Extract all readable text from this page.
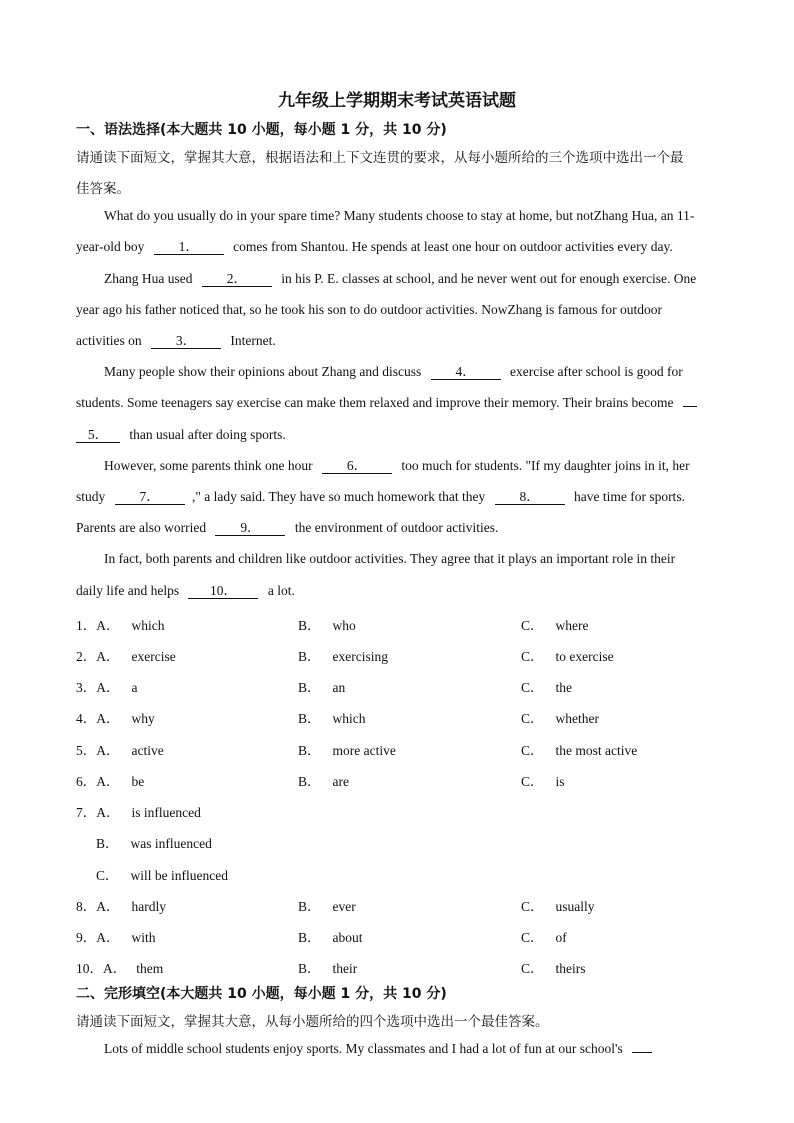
九年级上学期期末考试英语试题
一、语法选择(本大题共 10 小题，每小题 1 分，共 10 分)
请通读下面短文，掌握其大意，根据语法和上下文连贯的要求，从每小题所给的三个选项中选出一个最
佳答案。
What do you usually do in your spare time? Many students choose to stay at home, but notZhang Hua, an 11-
year-old boy	1．	comes from Shantou. He spends at least one hour on outdoor activities every day.
Zhang Hua used	2．	in his P. E. classes at school, and he never went out for enough exercise. One
year ago his father noticed that, so he took his son to do outdoor activities. NowZhang is famous for outdoor
activities on	3．	Internet.
Many people show their opinions about Zhang and discuss	4．	exercise after school is good for
students. Some teenagers say exercise can make them relaxed and improve their memory. Their brains become
5． than usual after doing sports.
However, some parents think one hour	6．	too much for students. "If my daughter joins in it, her
study	7． ," a lady said. They have so much homework that they	8．	have time for sports.
Parents are also worried	9．	the environment of outdoor activities.
In fact, both parents and children like outdoor activities. They agree that it plays an important role in their
daily life and helps 10． a lot.
1．A． which	B． who	C． where
2．A． exercise	B． exercising	C． to exercise
3．A． a	B． an	C． the
4．A． why	B． which	C． whether
5．A． active	B． more active	C． the most active
6．A． be	B． are	C． is
7．A． is influenced
B． was influenced
C． will be influenced
8．A． hardly	B． ever	C． usually
9．A． with	B． about	C． of
10．A． them	B． their	C． theirs
二、完形填空(本大题共 10 小题，每小题 1 分，共 10 分)
请通读下面短文，掌握其大意，从每小题所给的四个选项中选出一个最佳答案。
Lots of middle school students enjoy sports. My classmates and I had a lot of fun at our school's
